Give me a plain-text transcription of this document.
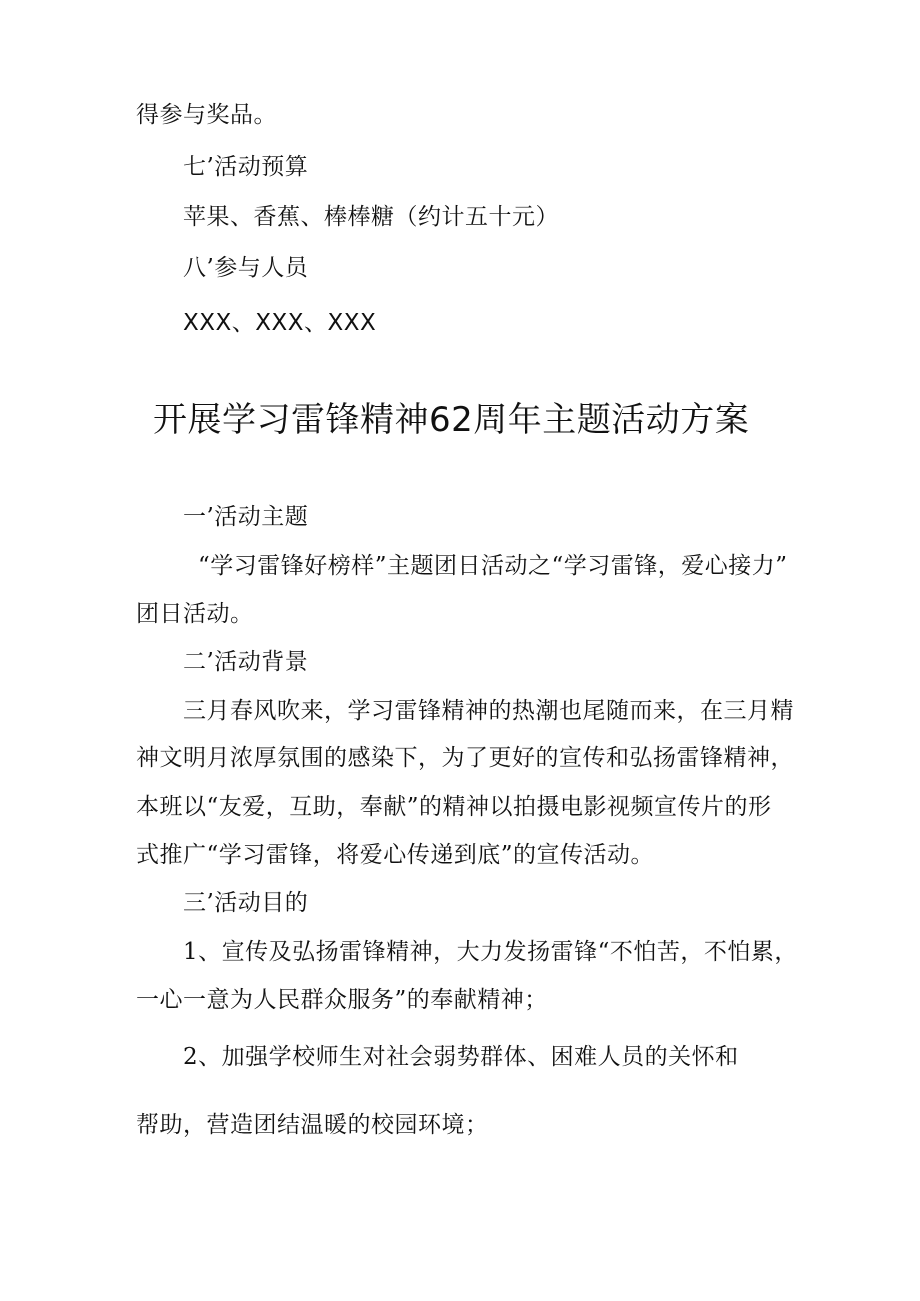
得参与奖品。
七’活动预算
苹果、香蕉、棒棒糖（约计五十元）
八’参与人员
XXX、XXX、XXX
开展学习雷锋精神62周年主题活动方案
一’活动主题
“学习雷锋好榜样”主题团日活动之“学习雷锋，爱心接力”
团日活动。
二’活动背景
三月春风吹来，学习雷锋精神的热潮也尾随而来，在三月精
神文明月浓厚氛围的感染下，为了更好的宣传和弘扬雷锋精神，
本班以“友爱，互助，奉献”的精神以拍摄电影视频宣传片的形
式推广“学习雷锋，将爱心传递到底”的宣传活动。
三’活动目的
1、宣传及弘扬雷锋精神，大力发扬雷锋“不怕苦，不怕累，
一心一意为人民群众服务”的奉献精神；
2、加强学校师生对社会弱势群体、困难人员的关怀和
帮助，营造团结温暖的校园环境；
